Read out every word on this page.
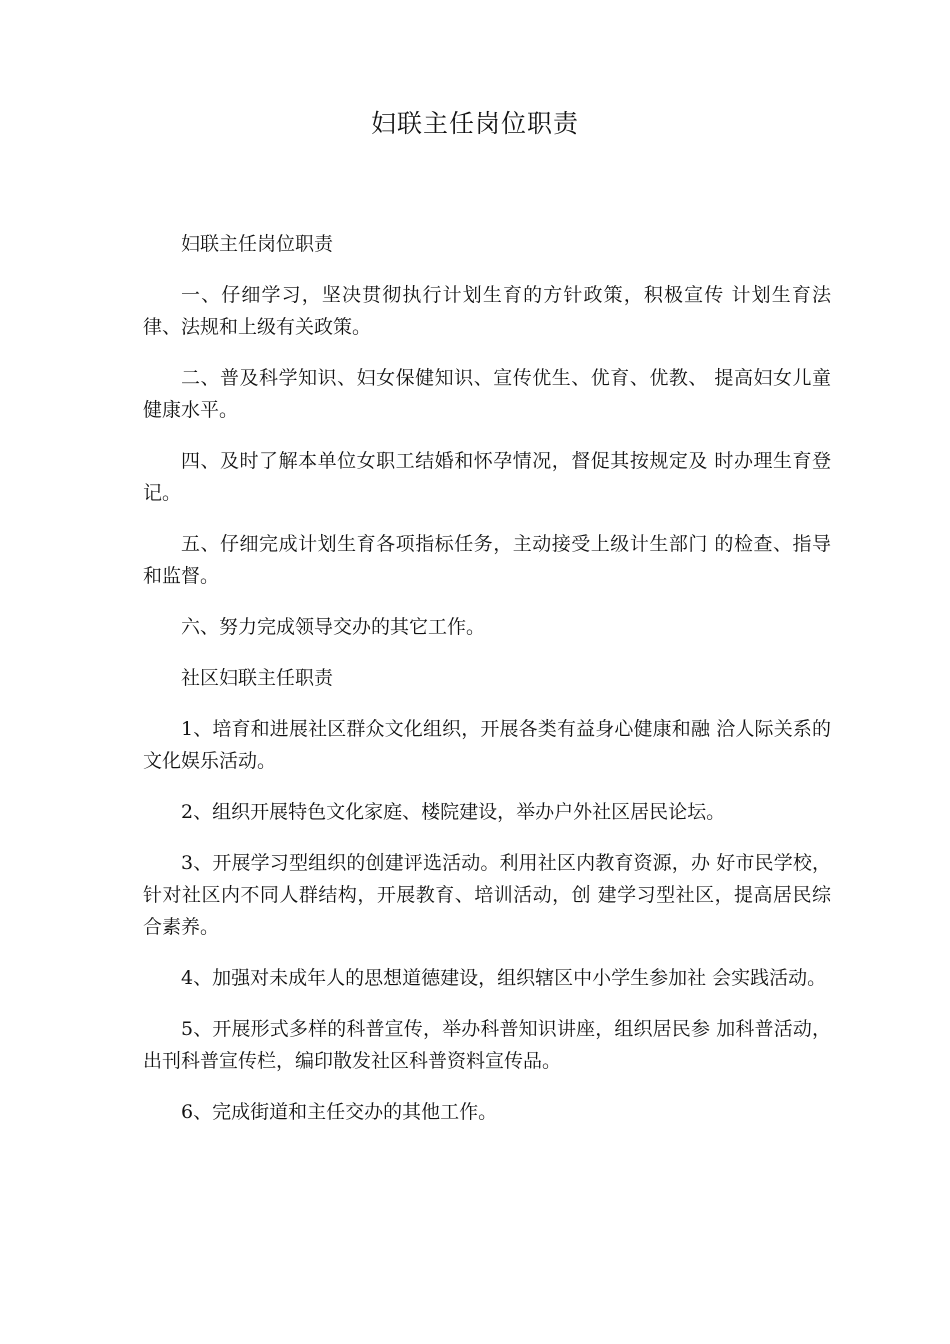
妇联主任岗位职责

妇联主任岗位职责

一、仔细学习，坚决贯彻执行计划生育的方针政策，积极宣传 计划生育法律、法规和上级有关政策。

二、普及科学知识、妇女保健知识、宣传优生、优育、优教、 提高妇女儿童健康水平。

四、及时了解本单位女职工结婚和怀孕情况，督促其按规定及 时办理生育登记。

五、仔细完成计划生育各项指标任务，主动接受上级计生部门 的检查、指导和监督。

六、努力完成领导交办的其它工作。

社区妇联主任职责

1、培育和进展社区群众文化组织，开展各类有益身心健康和融 洽人际关系的文化娱乐活动。

2、组织开展特色文化家庭、楼院建设，举办户外社区居民论坛。

3、开展学习型组织的创建评选活动。利用社区内教育资源，办 好市民学校，针对社区内不同人群结构，开展教育、培训活动，创 建学习型社区，提高居民综合素养。

4、加强对未成年人的思想道德建设，组织辖区中小学生参加社 会实践活动。

5、开展形式多样的科普宣传，举办科普知识讲座，组织居民参 加科普活动，出刊科普宣传栏，编印散发社区科普资料宣传品。

6、完成街道和主任交办的其他工作。
